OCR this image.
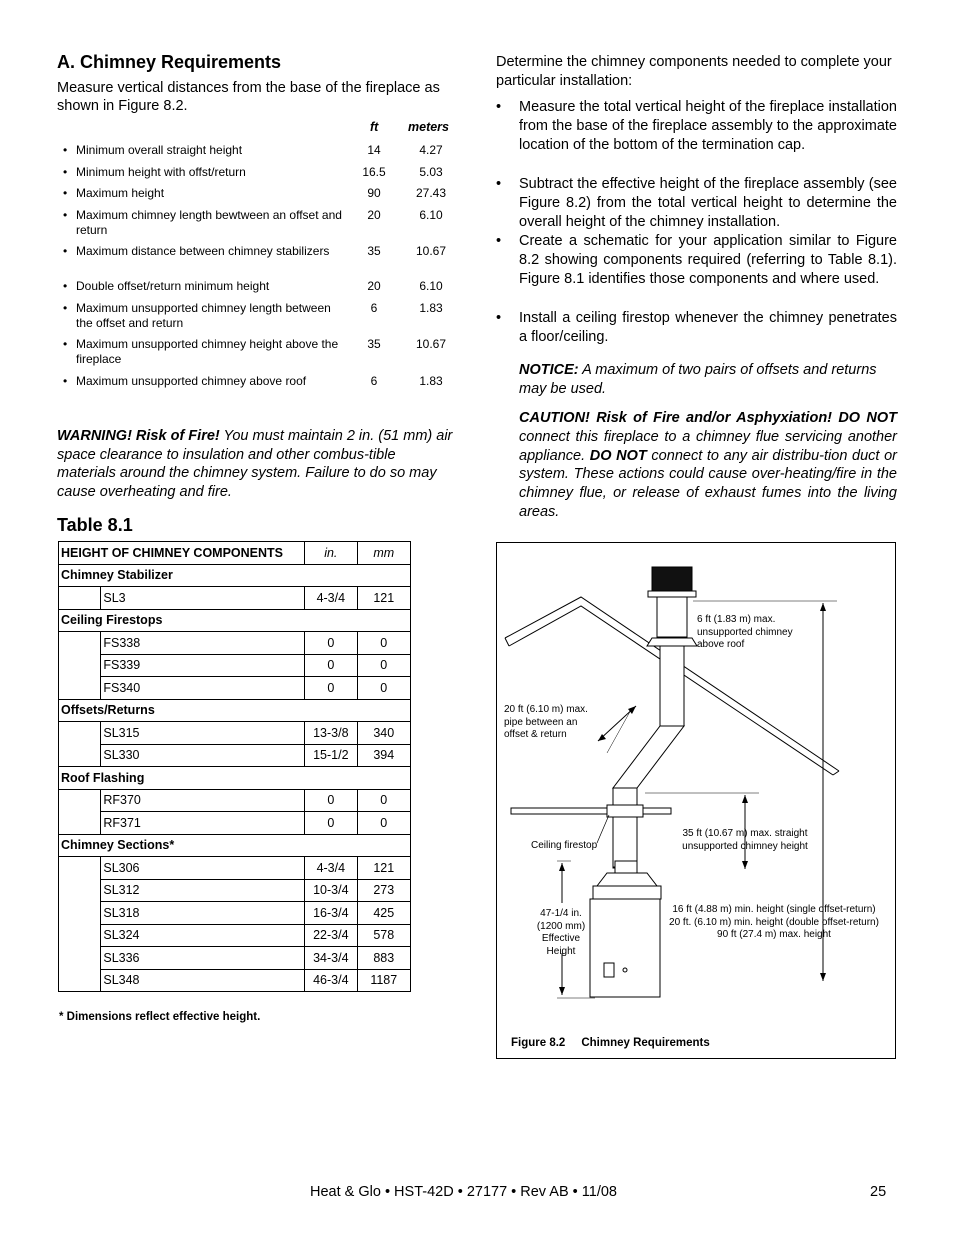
A. Chimney Requirements
Measure vertical distances from the base of the fireplace as shown in Figure 8.2.
ft meters
• Minimum overall straight height	14	4.27
• Minimum height with offst/return	16.5	5.03
• Maximum height	90	27.43
• Maximum chimney length bewtween an offset and return
20	6.10
• Maximum distance between chimney stabilizers	35	10.67
• Double offset/return minimum height	20	6.10
• Maximum unsupported chimney length between the offset and return
6	1.83
• Maximum unsupported chimney height above the fireplace
35	10.67
• Maximum unsupported chimney above roof	6	1.83
WARNING! Risk of Fire! You must maintain 2 in. (51 mm) air space clearance to insulation and other combus-tible materials around the chimney system. Failure to do so may cause overheating and fire.
Table 8.1
HEIGHT OF CHIMNEY COMPONENTS		in.	mm
Chimney Stabilizer			
	SL3	4-3/4	121
Ceiling Firestops			
	FS338	0	0
	FS339	0	0
	FS340	0	0
Offsets/Returns			
	SL315	13-3/8	340
	SL330	15-1/2	394
Roof Flashing			
	RF370	0	0
	RF371	0	0
Chimney Sections*			
	SL306	4-3/4	121
	SL312	10-3/4	273
	SL318	16-3/4	425
	SL324	22-3/4	578
	SL336	34-3/4	883
	SL348	46-3/4	1187
* Dimensions reflect effective height.
Determine the chimney components needed to complete your particular installation:
• Measure the total vertical height of the fireplace installation from the base of the fireplace assembly to the approximate location of the bottom of the termination cap.
• Subtract the effective height of the fireplace assembly (see Figure 8.2) from the total vertical height to determine the overall height of the chimney installation.
• Create a schematic for your application similar to Figure 8.2 showing components required (referring to Table 8.1). Figure 8.1 identifies those components and where used.
• Install a ceiling firestop whenever the chimney penetrates a floor/ceiling.
NOTICE: A maximum of two pairs of offsets and returns may be used.
CAUTION! Risk of Fire and/or Asphyxiation! DO NOT connect this fireplace to a chimney flue servicing another appliance. DO NOT connect to any air distribu-tion duct or system. These actions could cause over-heating/fire in the chimney flue, or release of exhaust fumes into the living areas.
6 ft (1.83 m) max. unsupported chimney above roof
20 ft (6.10 m) max. pipe between an offset & return
35 ft (10.67 m) max. straight unsupported chimney height
Ceiling firestop
47-1/4 in. (1200 mm) Effective Height
16 ft (4.88 m) min. height (single offset-return)
20 ft. (6.10 m) min. height (double offset-return)
90 ft (27.4 m) max. height
Figure 8.2 Chimney Requirements
Heat & Glo • HST-42D • 27177 • Rev AB • 11/08	25
